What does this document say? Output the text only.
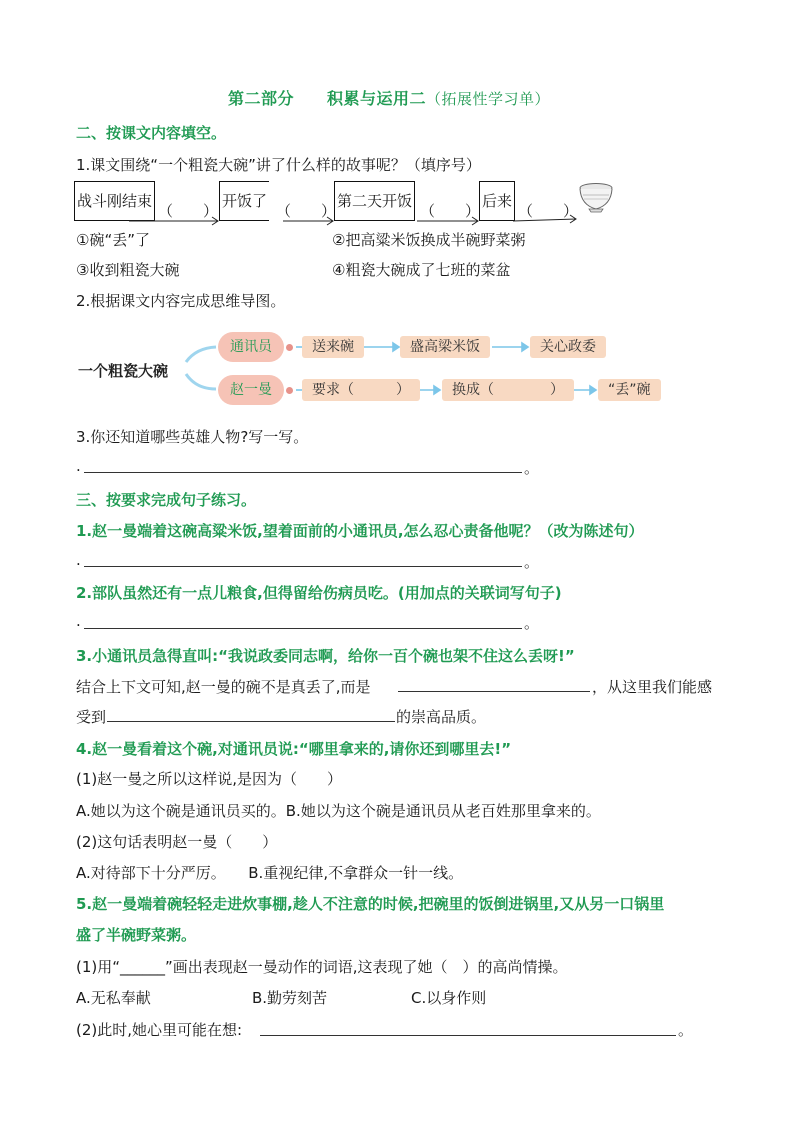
第二部分　　积累与运用二（拓展性学习单）
二、按课文内容填空。
1.课文围绕“一个粗瓷大碗”讲了什么样的故事呢？（填序号）
战斗刚结束
（　　）
开饭了
（　　）
第二天开饭
（　　）
后来
（　　）
①碗“丢”了	②把高粱米饭换成半碗野菜粥
③收到粗瓷大碗	④粗瓷大碗成了七班的菜盆
2.根据课文内容完成思维导图。
一个粗瓷大碗
通讯员	送来碗	盛高梁米饭	关心政委
赵一曼	要求（　　　）	换成（　　　　）	“丢”碗
3.你还知道哪些英雄人物?写一写。
.	。
三、按要求完成句子练习。
1.赵一曼端着这碗高粱米饭,望着面前的小通讯员,怎么忍心责备他呢？（改为陈述句）
.	。
2.部队虽然还有一点儿粮食,但得留给伤病员吃。(用加点的关联词写句子)
.	。
3.小通讯员急得直叫:“我说政委同志啊，给你一百个碗也架不住这么丢呀!”
结合上下文可知,赵一曼的碗不是真丢了,而是	，从这里我们能感
受到	的崇高品质。
4.赵一曼看着这个碗,对通讯员说:“哪里拿来的,请你还到哪里去!”
(1)赵一曼之所以这样说,是因为（　　）
A.她以为这个碗是通讯员买的。B.她以为这个碗是通讯员从老百姓那里拿来的。
(2)这句话表明赵一曼（　　）
A.对待部下十分严厉。　　B.重视纪律,不拿群众一针一线。
5.赵一曼端着碗轻轻走进炊事棚,趁人不注意的时候,把碗里的饭倒进锅里,又从另一口锅里
盛了半碗野菜粥。
(1)用“______”画出表现赵一曼动作的词语,这表现了她（　）的高尚情操。
A.无私奉献	B.勤劳刻苦	C.以身作则
(2)此时,她心里可能在想:	。
